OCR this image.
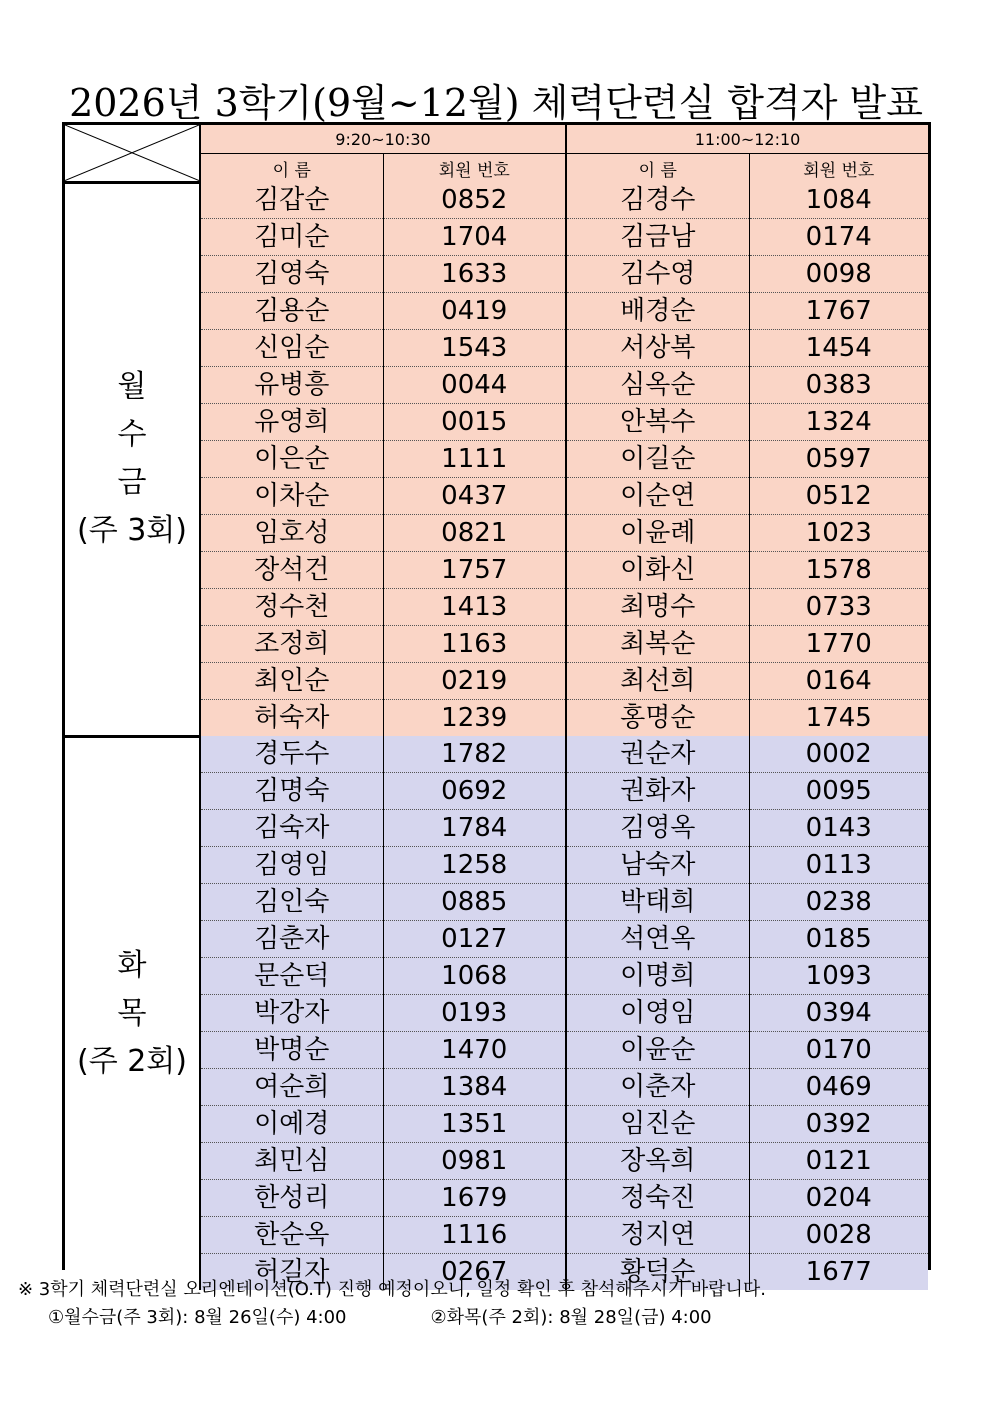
2026년 3학기(9월~12월) 체력단련실 합격자 발표
	9:20~10:30		11:00~12:10	
	이 름	회원 번호	이 름	회원 번호

월
수
금
(주 3회)	김갑순	0852	김경수	1084
	김미순	1704	김금남	0174
	김영숙	1633	김수영	0098
	김용순	0419	배경순	1767
	신임순	1543	서상복	1454
	유병흥	0044	심옥순	0383
	유영희	0015	안복수	1324
	이은순	1111	이길순	0597
	이차순	0437	이순연	0512
	임호성	0821	이윤례	1023
	장석건	1757	이화신	1578
	정수천	1413	최명수	0733
	조정희	1163	최복순	1770
	최인순	0219	최선희	0164
	허숙자	1239	홍명순	1745

화
목
(주 2회)	경두수	1782	권순자	0002
	김명숙	0692	권화자	0095
	김숙자	1784	김영옥	0143
	김영임	1258	남숙자	0113
	김인숙	0885	박태희	0238
	김춘자	0127	석연옥	0185
	문순덕	1068	이명희	1093
	박강자	0193	이영임	0394
	박명순	1470	이윤순	0170
	여순희	1384	이춘자	0469
	이예경	1351	임진순	0392
	최민심	0981	장옥희	0121
	한성리	1679	정숙진	0204
	한순옥	1116	정지연	0028
	허길자	0267	황덕순	1677
※ 3학기 체력단련실 오리엔테이션(O.T) 진행 예정이오니, 일정 확인 후 참석해주시기 바랍니다.
①월수금(주 3회): 8월 26일(수) 4:00	②화목(주 2회): 8월 28일(금) 4:00
